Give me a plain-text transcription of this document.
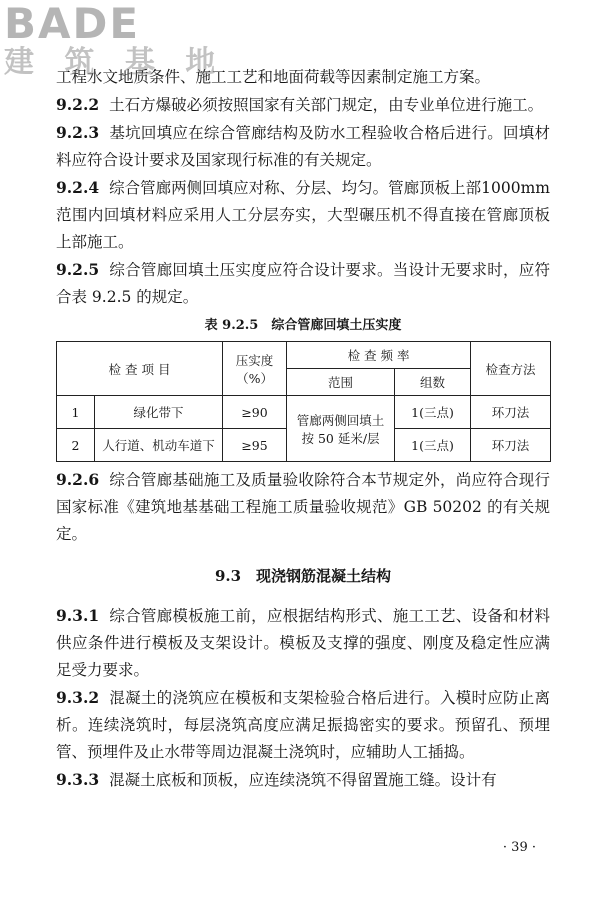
BADE
建 筑 基 地

工程水文地质条件、施工工艺和地面荷载等因素制定施工方案。

9.2.2 土石方爆破必须按照国家有关部门规定，由专业单位进行施工。

9.2.3 基坑回填应在综合管廊结构及防水工程验收合格后进行。回填材料应符合设计要求及国家现行标准的有关规定。

9.2.4 综合管廊两侧回填应对称、分层、均匀。管廊顶板上部1000mm 范围内回填材料应采用人工分层夯实，大型碾压机不得直接在管廊顶板上部施工。

9.2.5 综合管廊回填土压实度应符合设计要求。当设计无要求时，应符合表 9.2.5 的规定。

表 9.2.5　综合管廊回填土压实度
检 查 项 目		压实度（%）	检 查 频 率		检查方法
			范围	组数	
1	绿化带下	≥90	管廊两侧回填土按 50 延米/层	1(三点)	环刀法
2	人行道、机动车道下	≥95		1(三点)	环刀法

9.2.6 综合管廊基础施工及质量验收除符合本节规定外，尚应符合现行国家标准《建筑地基基础工程施工质量验收规范》GB 50202 的有关规定。

9.3　现浇钢筋混凝土结构

9.3.1 综合管廊模板施工前，应根据结构形式、施工工艺、设备和材料供应条件进行模板及支架设计。模板及支撑的强度、刚度及稳定性应满足受力要求。

9.3.2 混凝土的浇筑应在模板和支架检验合格后进行。入模时应防止离析。连续浇筑时，每层浇筑高度应满足振捣密实的要求。预留孔、预埋管、预埋件及止水带等周边混凝土浇筑时，应辅助人工插捣。

9.3.3 混凝土底板和顶板，应连续浇筑不得留置施工缝。设计有

· 39 ·
